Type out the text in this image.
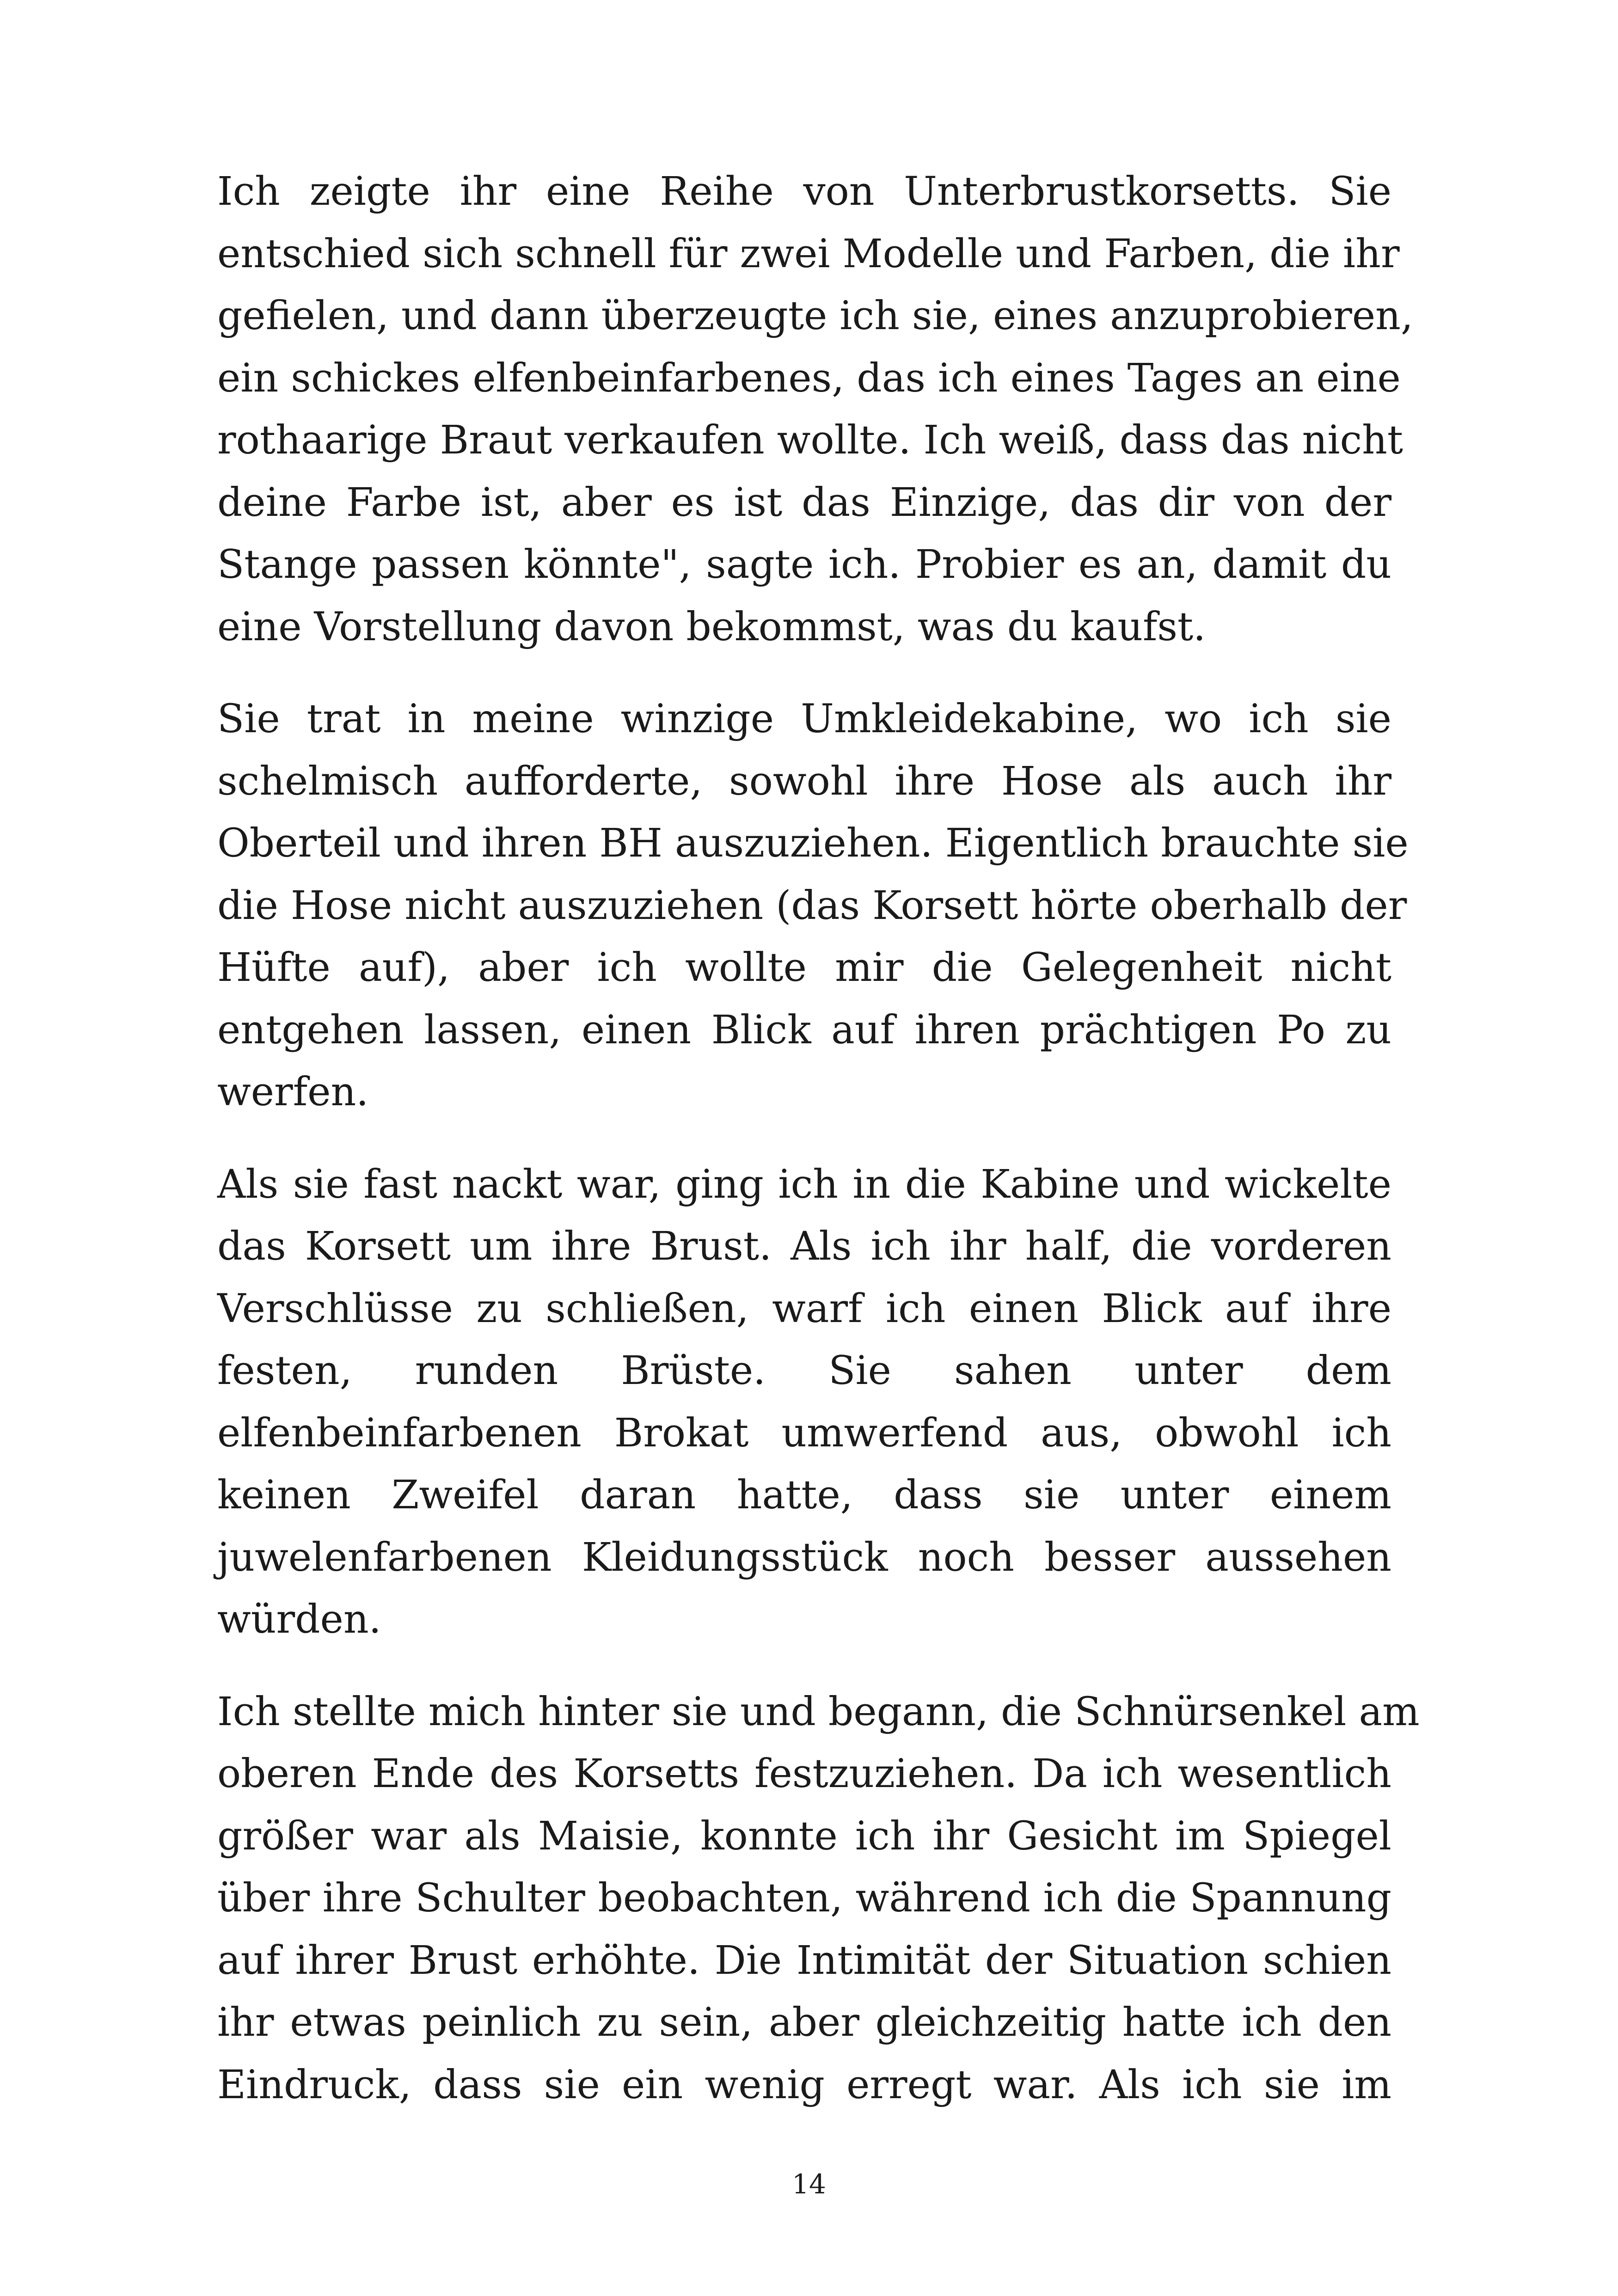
Ich zeigte ihr eine Reihe von Unterbrustkorsetts. Sie
entschied sich schnell für zwei Modelle und Farben, die ihr
gefielen, und dann überzeugte ich sie, eines anzuprobieren,
ein schickes elfenbeinfarbenes, das ich eines Tages an eine
rothaarige Braut verkaufen wollte. Ich weiß, dass das nicht
deine Farbe ist, aber es ist das Einzige, das dir von der
Stange passen könnte", sagte ich. Probier es an, damit du
eine Vorstellung davon bekommst, was du kaufst.
Sie trat in meine winzige Umkleidekabine, wo ich sie
schelmisch aufforderte, sowohl ihre Hose als auch ihr
Oberteil und ihren BH auszuziehen. Eigentlich brauchte sie
die Hose nicht auszuziehen (das Korsett hörte oberhalb der
Hüfte auf), aber ich wollte mir die Gelegenheit nicht
entgehen lassen, einen Blick auf ihren prächtigen Po zu
werfen.
Als sie fast nackt war, ging ich in die Kabine und wickelte
das Korsett um ihre Brust. Als ich ihr half, die vorderen
Verschlüsse zu schließen, warf ich einen Blick auf ihre
festen, runden Brüste. Sie sahen unter dem
elfenbeinfarbenen Brokat umwerfend aus, obwohl ich
keinen Zweifel daran hatte, dass sie unter einem
juwelenfarbenen Kleidungsstück noch besser aussehen
würden.
Ich stellte mich hinter sie und begann, die Schnürsenkel am
oberen Ende des Korsetts festzuziehen. Da ich wesentlich
größer war als Maisie, konnte ich ihr Gesicht im Spiegel
über ihre Schulter beobachten, während ich die Spannung
auf ihrer Brust erhöhte. Die Intimität der Situation schien
ihr etwas peinlich zu sein, aber gleichzeitig hatte ich den
Eindruck, dass sie ein wenig erregt war. Als ich sie im
14
